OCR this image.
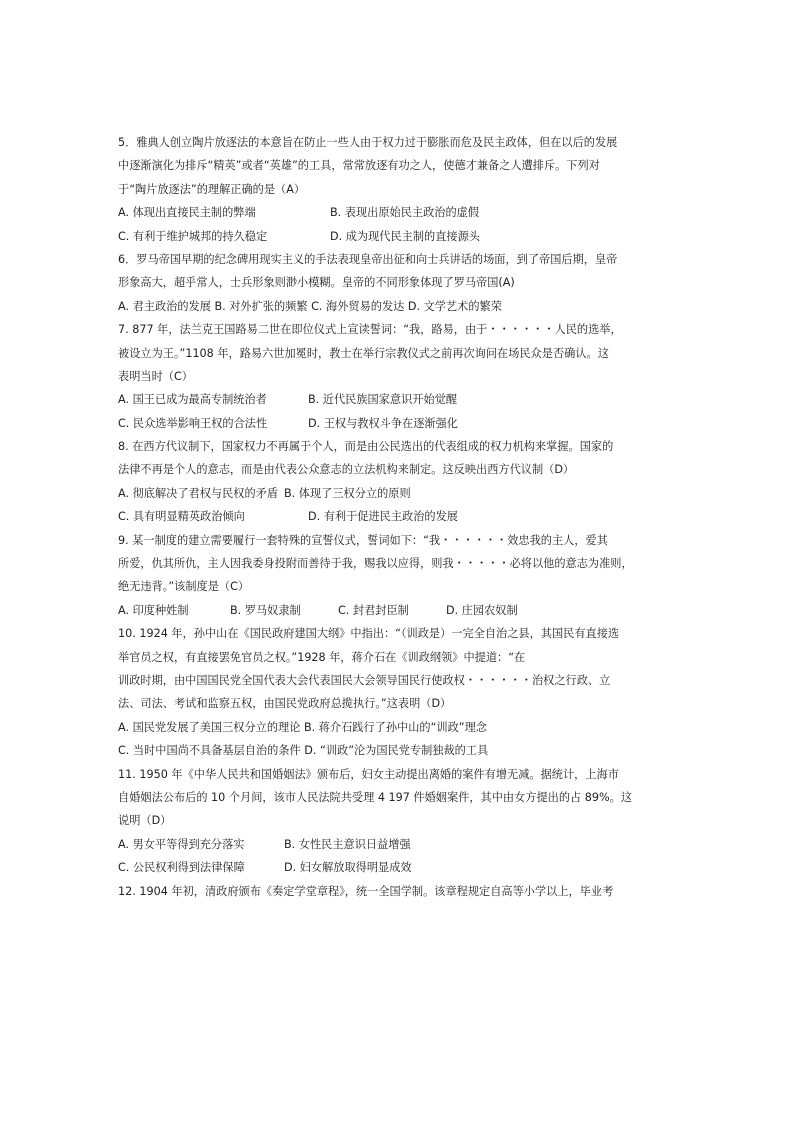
5．雅典人创立陶片放逐法的本意旨在防止一些人由于权力过于膨胀而危及民主政体，但在以后的发展
中逐渐演化为排斥“精英”或者“英雄”的工具，常常放逐有功之人，使德才兼备之人遭排斥。下列对
于“陶片放逐法”的理解正确的是（A）
A. 体现出直接民主制的弊端	B. 表现出原始民主政治的虚假
C. 有利于维护城邦的持久稳定	D. 成为现代民主制的直接源头
6．罗马帝国早期的纪念碑用现实主义的手法表现皇帝出征和向士兵讲话的场面，到了帝国后期，皇帝
形象高大，超乎常人，士兵形象则渺小模糊。皇帝的不同形象体现了罗马帝国(A)
A. 君主政治的发展 B. 对外扩张的频繁 C. 海外贸易的发达 D. 文学艺术的繁荣
7. 877 年，法兰克王国路易二世在即位仪式上宣读誓词：“我，路易，由于・・・・・・人民的选举，
被设立为王。”1108 年，路易六世加冕时，教士在举行宗教仪式之前再次询问在场民众是否确认。这
表明当时（C）
A. 国王已成为最高专制统治者	B. 近代民族国家意识开始觉醒
C. 民众选举影响王权的合法性	D. 王权与教权斗争在逐渐强化
8. 在西方代议制下，国家权力不再属于个人，而是由公民选出的代表组成的权力机构来掌握。国家的
法律不再是个人的意志，而是由代表公众意志的立法机构来制定。这反映出西方代议制（D）
A. 彻底解决了君权与民权的矛盾 B. 体现了三权分立的原则
C. 具有明显精英政治倾向	D. 有利于促进民主政治的发展
9. 某一制度的建立需要履行一套特殊的宣誓仪式，誓词如下：“我・・・・・・效忠我的主人，爱其
所爱，仇其所仇，主人因我委身投附而善待于我，赐我以应得，则我・・・・・必将以他的意志为准则，
绝无违背。”该制度是（C）
A. 印度种姓制	B. 罗马奴隶制	C. 封君封臣制	D. 庄园农奴制
10. 1924 年，孙中山在《国民政府建国大纲》中指出：“（训政是）一完全自治之县，其国民有直接选
举官员之权，有直接罢免官员之权。”1928 年，蒋介石在《训政纲领》中提道：“在
训政时期，由中国国民党全国代表大会代表国民大会领导国民行使政权・・・・・・治权之行政、立
法、司法、考试和监察五权，由国民党政府总揽执行。”这表明（D）
A. 国民党发展了美国三权分立的理论 B. 蒋介石践行了孙中山的“训政”理念
C. 当时中国尚不具备基层自治的条件 D. “训政”沦为国民党专制独裁的工具
11. 1950 年《中华人民共和国婚姻法》颁布后，妇女主动提出离婚的案件有增无减。据统计，上海市
自婚姻法公布后的 10 个月间，该市人民法院共受理 4 197 件婚姻案件，其中由女方提出的占 89%。这
说明（D）
A. 男女平等得到充分落实	B. 女性民主意识日益增强
C. 公民权利得到法律保障	D. 妇女解放取得明显成效
12. 1904 年初，清政府颁布《奏定学堂章程》，统一全国学制。该章程规定自高等小学以上，毕业考
